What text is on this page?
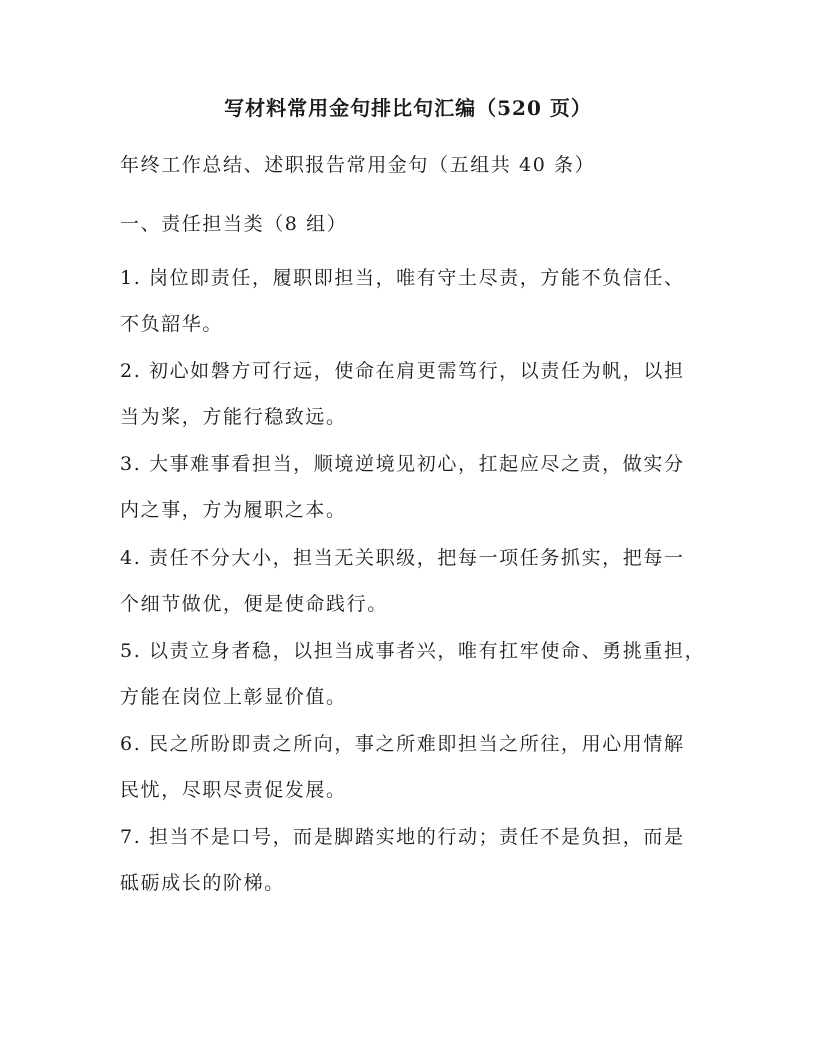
写材料常用金句排比句汇编（520 页）
年终工作总结、述职报告常用金句（五组共 40 条）
一、责任担当类（8 组）
1. 岗位即责任，履职即担当，唯有守土尽责，方能不负信任、
不负韶华。
2. 初心如磐方可行远，使命在肩更需笃行，以责任为帆，以担
当为桨，方能行稳致远。
3. 大事难事看担当，顺境逆境见初心，扛起应尽之责，做实分
内之事，方为履职之本。
4. 责任不分大小，担当无关职级，把每一项任务抓实，把每一
个细节做优，便是使命践行。
5. 以责立身者稳，以担当成事者兴，唯有扛牢使命、勇挑重担，
方能在岗位上彰显价值。
6. 民之所盼即责之所向，事之所难即担当之所往，用心用情解
民忧，尽职尽责促发展。
7. 担当不是口号，而是脚踏实地的行动；责任不是负担，而是
砥砺成长的阶梯。
